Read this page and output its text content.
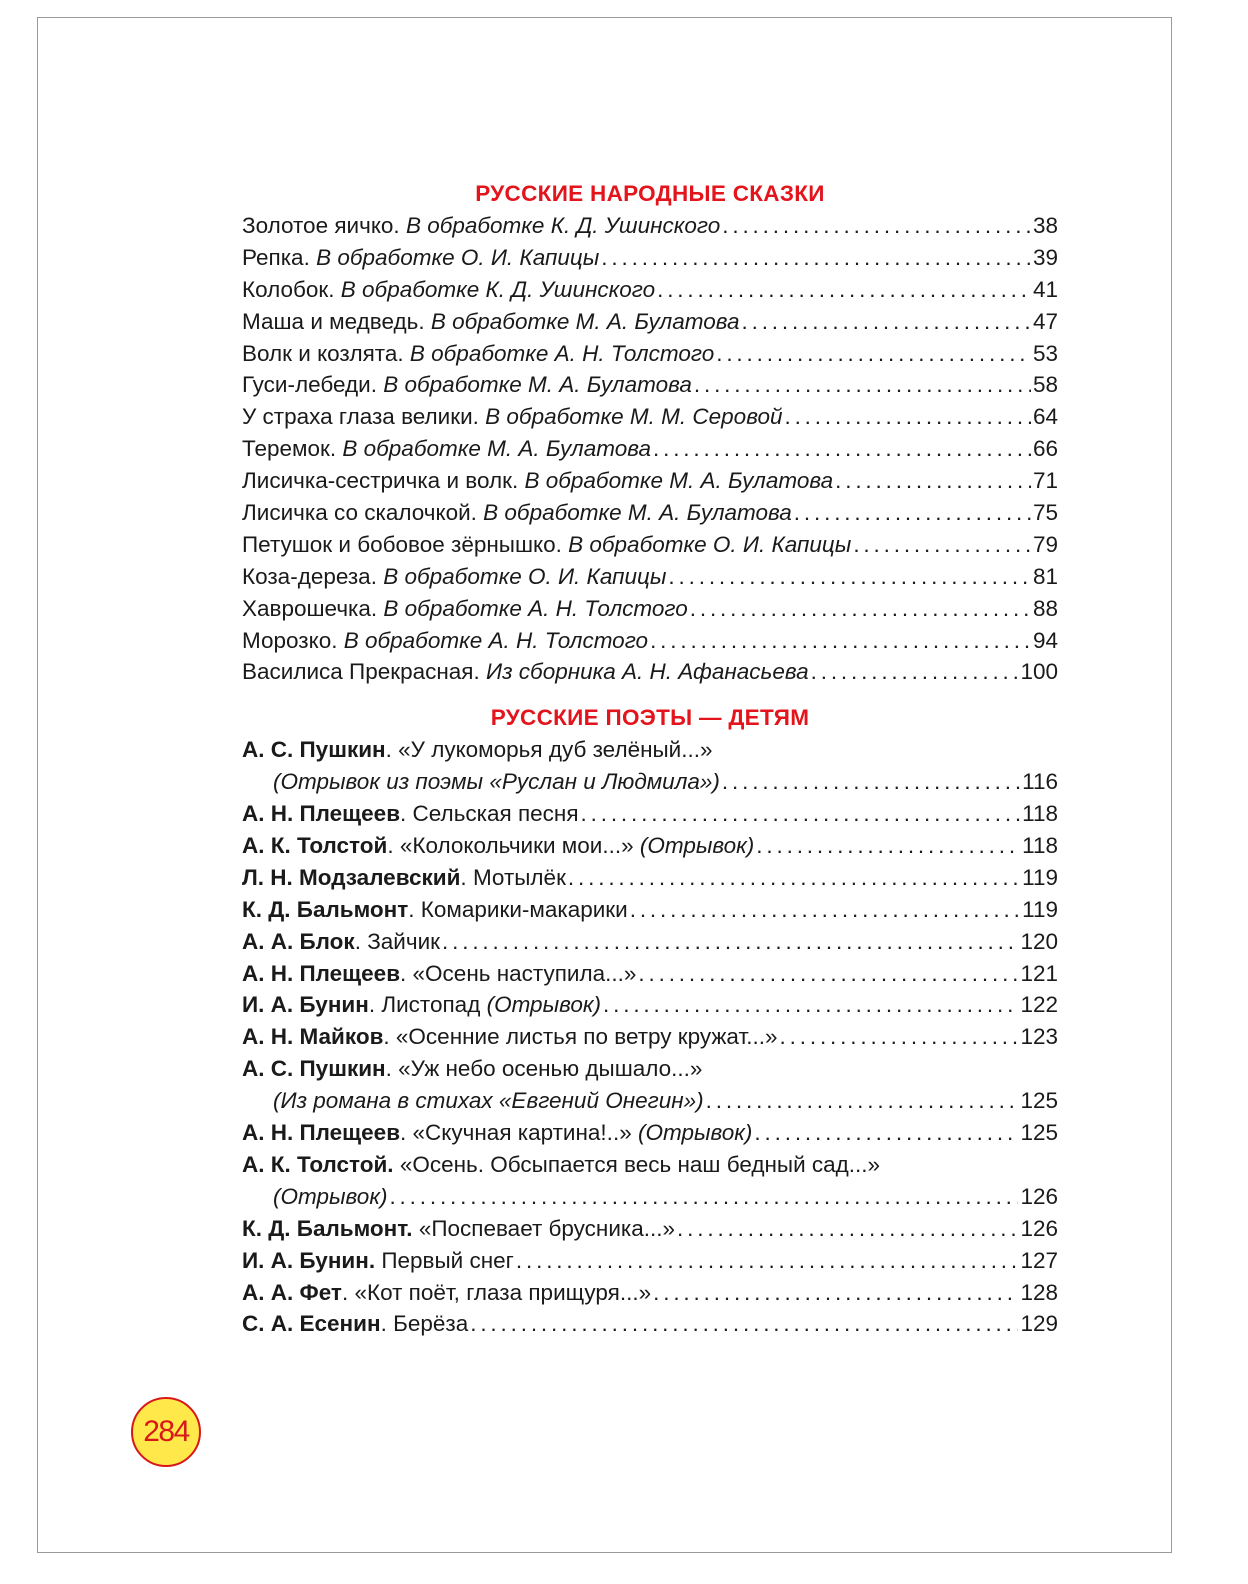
РУССКИЕ НАРОДНЫЕ СКАЗКИ
Золотое яичко. В обработке К. Д. Ушинского . . .	38
Репка. В обработке О. И. Капицы . . .	39
Колобок. В обработке К. Д. Ушинского . . .	41
Маша и медведь. В обработке М. А. Булатова . . .	47
Волк и козлята. В обработке А. Н. Толстого . . .	53
Гуси-лебеди. В обработке М. А. Булатова . . .	58
У страха глаза велики. В обработке М. М. Серовой . . .	64
Теремок. В обработке М. А. Булатова . . .	66
Лисичка-сестричка и волк. В обработке М. А. Булатова . . .	71
Лисичка со скалочкой. В обработке М. А. Булатова . . .	75
Петушок и бобовое зёрнышко. В обработке О. И. Капицы . . .	79
Коза-дереза. В обработке О. И. Капицы . . .	81
Хаврошечка. В обработке А. Н. Толстого . . .	88
Морозко. В обработке А. Н. Толстого . . .	94
Василиса Прекрасная. Из сборника А. Н. Афанасьева . . .	100
РУССКИЕ ПОЭТЫ — ДЕТЯМ
А. С. Пушкин. «У лукоморья дуб зелёный...»
(Отрывок из поэмы «Руслан и Людмила») . . .	116
А. Н. Плещеев. Сельская песня . . .	118
А. К. Толстой. «Колокольчики мои...» (Отрывок) . . .	118
Л. Н. Модзалевский. Мотылёк . . .	119
К. Д. Бальмонт. Комарики-макарики . . .	119
А. А. Блок. Зайчик . . .	120
А. Н. Плещеев. «Осень наступила...» . . .	121
И. А. Бунин. Листопад (Отрывок) . . .	122
А. Н. Майков. «Осенние листья по ветру кружат...» . . .	123
А. С. Пушкин. «Уж небо осенью дышало...»
(Из романа в стихах «Евгений Онегин») . . .	125
А. Н. Плещеев. «Скучная картина!..» (Отрывок) . . .	125
А. К. Толстой. «Осень. Обсыпается весь наш бедный сад...»
(Отрывок) . . .	126
К. Д. Бальмонт. «Поспевает брусника...» . . .	126
И. А. Бунин. Первый снег . . .	127
А. А. Фет. «Кот поёт, глаза прищуря...» . . .	128
С. А. Есенин. Берёза . . .	129
284
